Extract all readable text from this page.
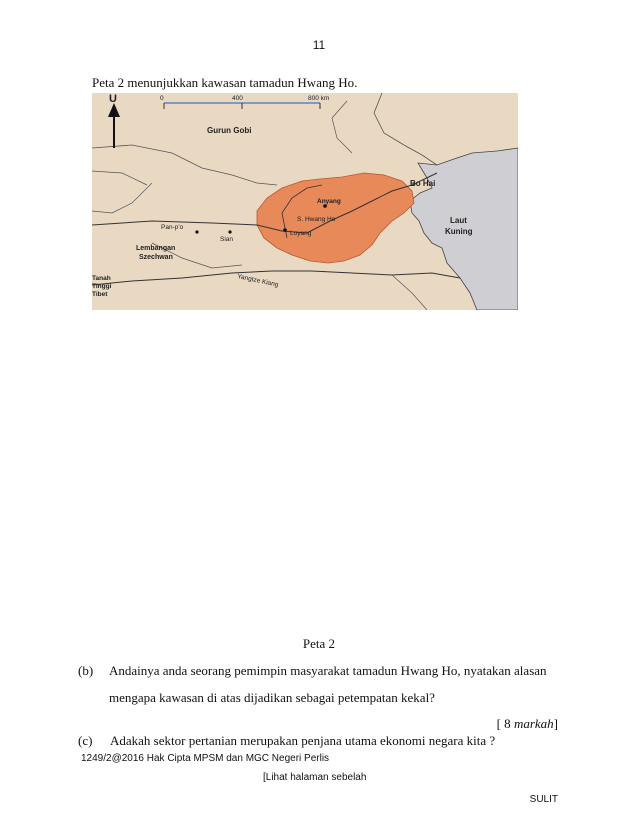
11
Peta 2 menunjukkan kawasan tamadun Hwang Ho.
U	0	400	800 km
Gurun Gobi
Bo Hai
Laut
Kuning
Anyang
S. Hwang Ho
Loyang
Pan-p'o
Sian
Lembangan
Szechwan
Tanah
Tinggi
Tibet
Yangtze Kiang
Peta 2
(b) Andainya anda seorang pemimpin masyarakat tamadun Hwang Ho, nyatakan alasan
mengapa kawasan di atas dijadikan sebagai petempatan kekal?
[ 8 markah]
(c) Adakah sektor pertanian merupakan penjana utama ekonomi negara kita ?
1249/2@2016 Hak Cipta MPSM dan MGC Negeri Perlis
[Lihat halaman sebelah
SULIT
